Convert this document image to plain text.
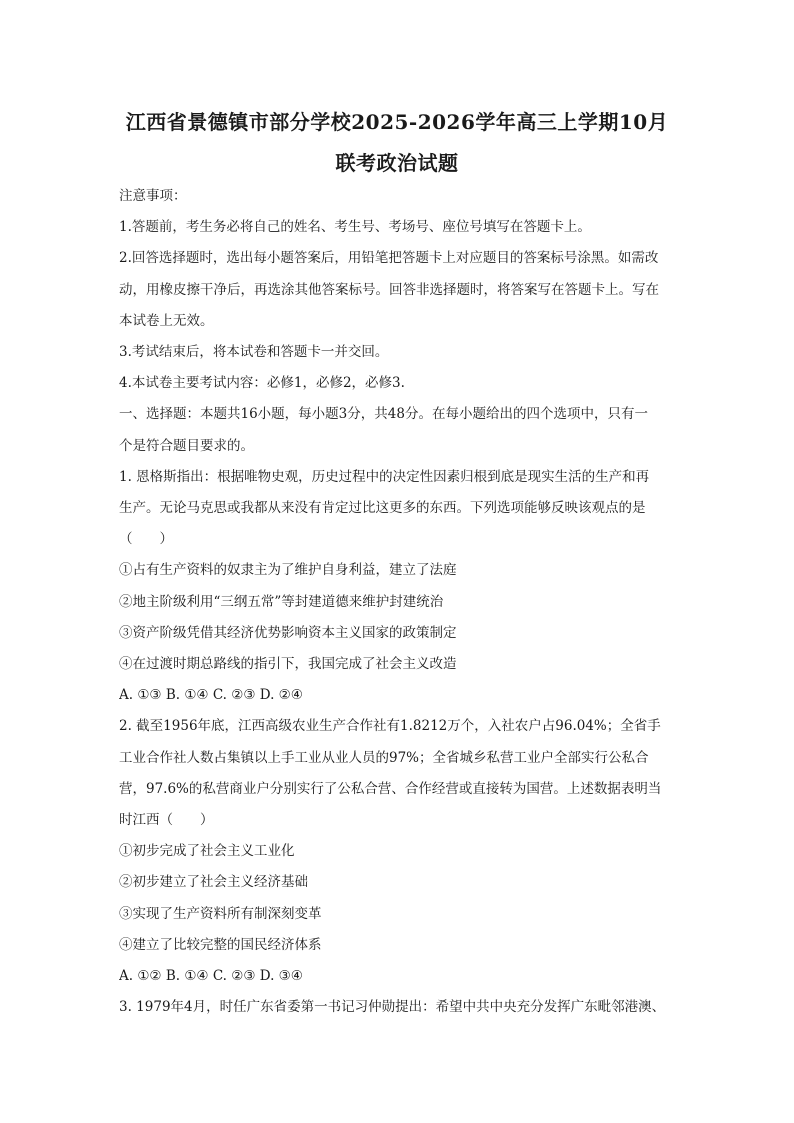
江西省景德镇市部分学校2025-2026学年高三上学期10月
联考政治试题
注意事项：
1.答题前，考生务必将自己的姓名、考生号、考场号、座位号填写在答题卡上。
2.回答选择题时，选出每小题答案后，用铅笔把答题卡上对应题目的答案标号涂黑。如需改
动，用橡皮擦干净后，再选涂其他答案标号。回答非选择题时，将答案写在答题卡上。写在
本试卷上无效。
3.考试结束后，将本试卷和答题卡一并交回。
4.本试卷主要考试内容：必修1，必修2，必修3.
一、选择题：本题共16小题，每小题3分，共48分。在每小题给出的四个选项中，只有一
个是符合题目要求的。
1. 恩格斯指出：根据唯物史观，历史过程中的决定性因素归根到底是现实生活的生产和再
生产。无论马克思或我都从来没有肯定过比这更多的东西。下列选项能够反映该观点的是
（　　）
①占有生产资料的奴隶主为了维护自身利益，建立了法庭
②地主阶级利用“三纲五常”等封建道德来维护封建统治
③资产阶级凭借其经济优势影响资本主义国家的政策制定
④在过渡时期总路线的指引下，我国完成了社会主义改造
A. ①③ B. ①④ C. ②③ D. ②④
2. 截至1956年底，江西高级农业生产合作社有1.8212万个，入社农户占96.04%；全省手
工业合作社人数占集镇以上手工业从业人员的97%；全省城乡私营工业户全部实行公私合
营，97.6%的私营商业户分别实行了公私合营、合作经营或直接转为国营。上述数据表明当
时江西（　　）
①初步完成了社会主义工业化
②初步建立了社会主义经济基础
③实现了生产资料所有制深刻变革
④建立了比较完整的国民经济体系
A. ①② B. ①④ C. ②③ D. ③④
3. 1979年4月，时任广东省委第一书记习仲勋提出：希望中共中央充分发挥广东毗邻港澳、
